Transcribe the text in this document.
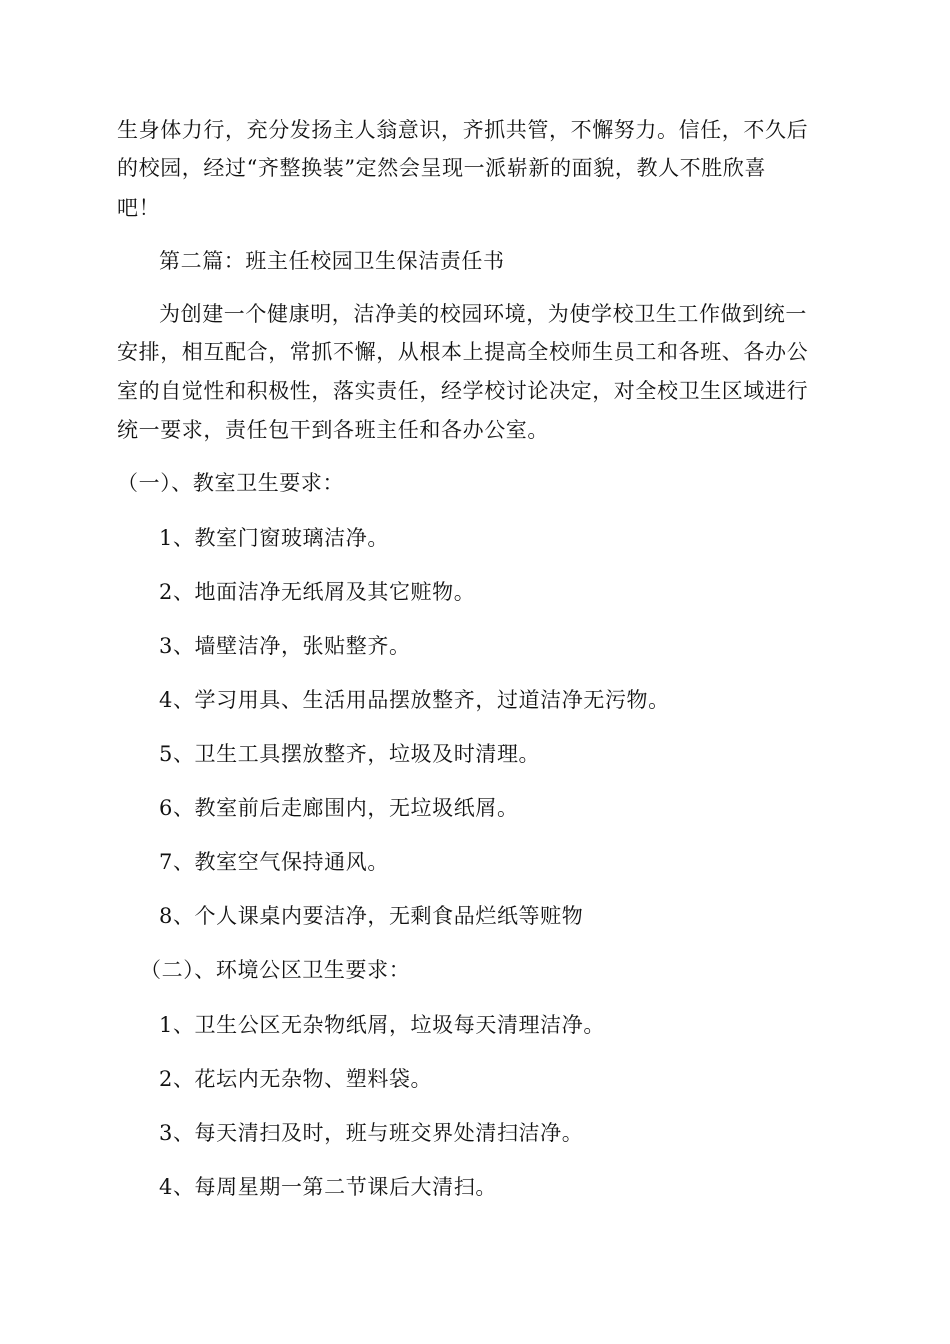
生身体力行，充分发扬主人翁意识，齐抓共管，不懈努力。信任，不久后
的校园，经过“齐整换装”定然会呈现一派崭新的面貌，教人不胜欣喜
吧！
第二篇：班主任校园卫生保洁责任书
为创建一个健康明，洁净美的校园环境，为使学校卫生工作做到统一
安排，相互配合，常抓不懈，从根本上提高全校师生员工和各班、各办公
室的自觉性和积极性，落实责任，经学校讨论决定，对全校卫生区域进行
统一要求，责任包干到各班主任和各办公室。
（一）、教室卫生要求：
1、教室门窗玻璃洁净。
2、地面洁净无纸屑及其它赃物。
3、墙壁洁净，张贴整齐。
4、学习用具、生活用品摆放整齐，过道洁净无污物。
5、卫生工具摆放整齐，垃圾及时清理。
6、教室前后走廊围内，无垃圾纸屑。
7、教室空气保持通风。
8、个人课桌内要洁净，无剩食品烂纸等赃物
（二）、环境公区卫生要求：
1、卫生公区无杂物纸屑，垃圾每天清理洁净。
2、花坛内无杂物、塑料袋。
3、每天清扫及时，班与班交界处清扫洁净。
4、每周星期一第二节课后大清扫。
